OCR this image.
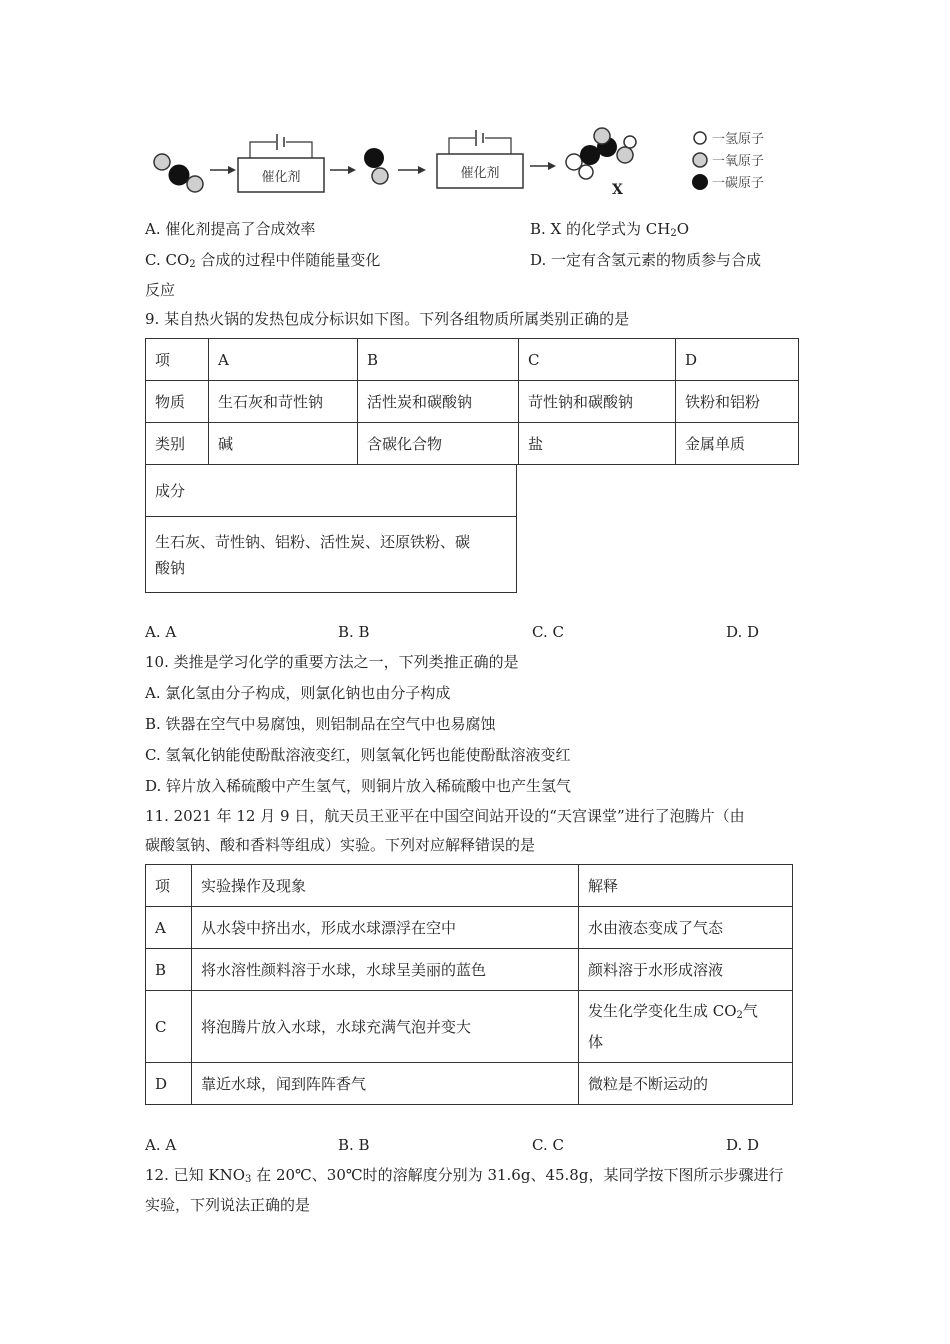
催化剂	催化剂
X
一氢原子
一氧原子
一碳原子
A. 催化剂提高了合成效率	B. X 的化学式为 $CH_2O$
C. $CO_2$ 合成的过程中伴随能量变化	D. 一定有含氢元素的物质参与合成
反应
9. 某自热火锅的发热包成分标识如下图。下列各组物质所属类别正确的是
项	A	B	C	D
物质	生石灰和苛性钠	活性炭和碳酸钠	苛性钠和碳酸钠	铁粉和铝粉
类别	碱	含碳化合物	盐	金属单质
成分

生石灰、苛性钠、铝粉、活性炭、还原铁粉、碳
酸钠
A. A	B. B	C. C	D. D
10. 类推是学习化学的重要方法之一，下列类推正确的是
A. 氯化氢由分子构成，则氯化钠也由分子构成
B. 铁器在空气中易腐蚀，则铝制品在空气中也易腐蚀
C. 氢氧化钠能使酚酞溶液变红，则氢氧化钙也能使酚酞溶液变红
D. 锌片放入稀硫酸中产生氢气，则铜片放入稀硫酸中也产生氢气
11. 2021 年 12 月 9 日，航天员王亚平在中国空间站开设的“天宫课堂”进行了泡腾片（由
碳酸氢钠、酸和香料等组成）实验。下列对应解释错误的是
项	实验操作及现象	解释
A	从水袋中挤出水，形成水球漂浮在空中	水由液态变成了气态
B	将水溶性颜料溶于水球，水球呈美丽的蓝色	颜料溶于水形成溶液
C	将泡腾片放入水球，水球充满气泡并变大	发生化学变化生成 $CO_2$气
体

D	靠近水球，闻到阵阵香气	微粒是不断运动的
A. A	B. B	C. C	D. D
12. 已知 $KNO_3$ 在 20℃、30℃时的溶解度分别为 31.6g、45.8g，某同学按下图所示步骤进行
实验，下列说法正确的是
